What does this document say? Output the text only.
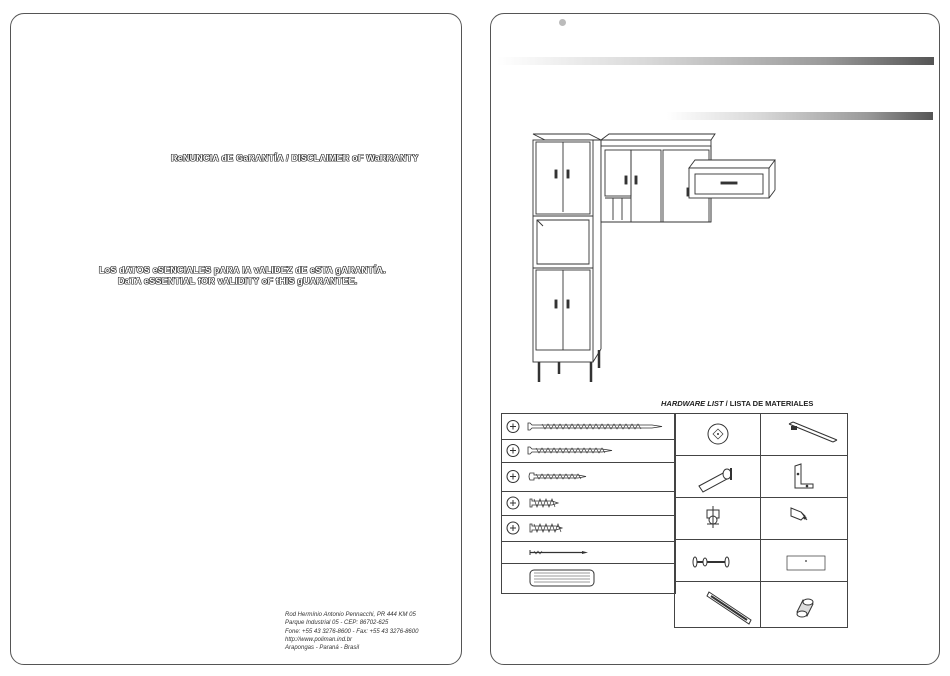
ReNUNCIA dE GaRANTÍA / DISCLAIMER oF WaRRANTY
LoS dATOS eSENCIALES pARA lA vALIDEZ dE eSTA gARANTÍA.
DaTA eSSENTIAL fOR vALIDITY oF tHIS gUARANTEE.
Rod Hermínio Antonio Pennacchi, PR 444 KM 05
Parque Industrial 05 - CEP: 86702-625
Fone: +55 43 3276-8600 - Fax: +55 43 3276-8600
http://www.poliman.ind.br
Arapongas - Paraná - Brasil
HARDWARE LIST / LISTA DE MATERIALES
